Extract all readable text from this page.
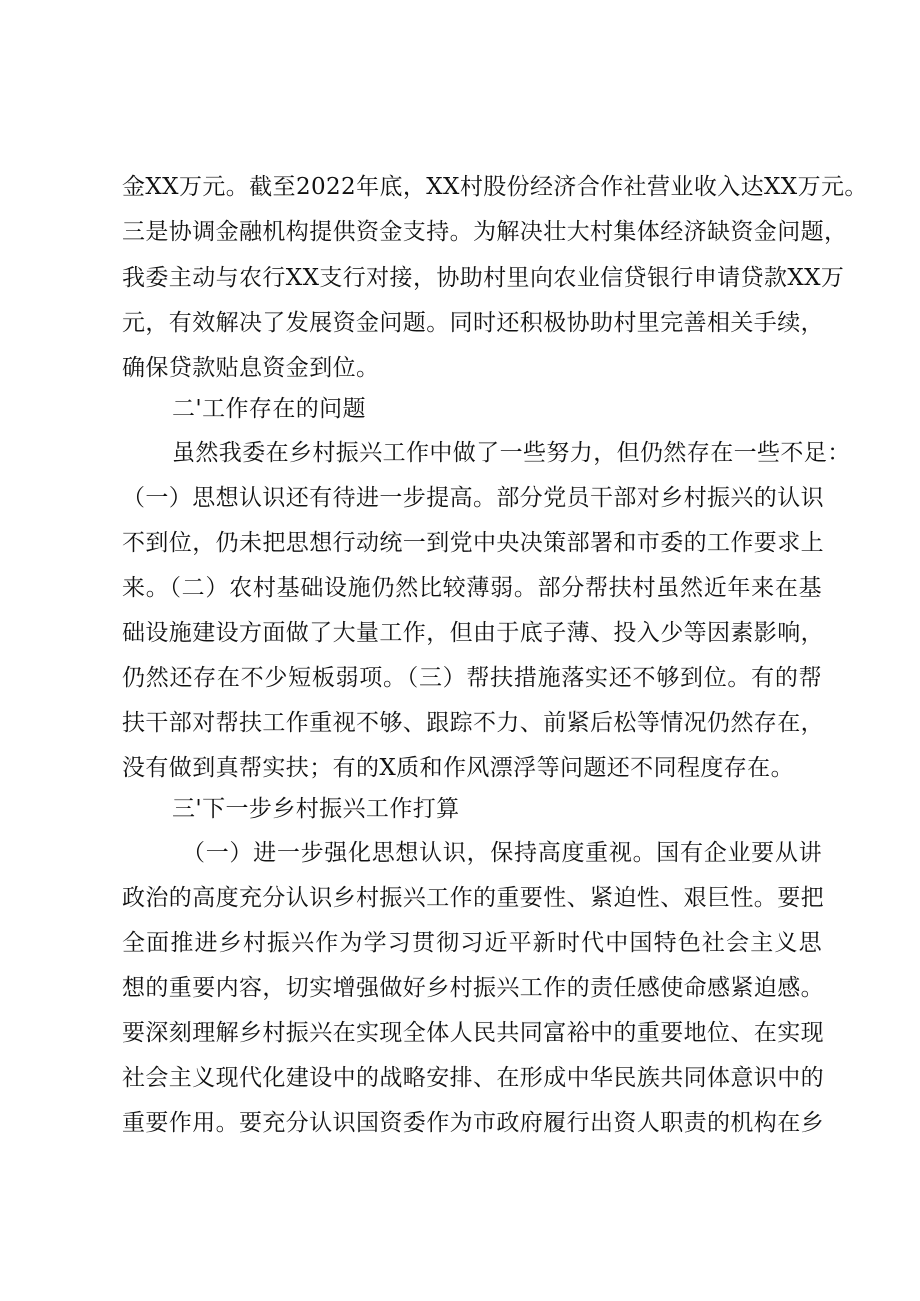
金XX万元。截至2022年底，XX村股份经济合作社营业收入达XX万元。
三是协调金融机构提供资金支持。为解决壮大村集体经济缺资金问题，
我委主动与农行XX支行对接，协助村里向农业信贷银行申请贷款XX万
元，有效解决了发展资金问题。同时还积极协助村里完善相关手续，
确保贷款贴息资金到位。
二'工作存在的问题
虽然我委在乡村振兴工作中做了一些努力，但仍然存在一些不足：
（一）思想认识还有待进一步提高。部分党员干部对乡村振兴的认识
不到位，仍未把思想行动统一到党中央决策部署和市委的工作要求上
来。（二）农村基础设施仍然比较薄弱。部分帮扶村虽然近年来在基
础设施建设方面做了大量工作，但由于底子薄、投入少等因素影响，
仍然还存在不少短板弱项。（三）帮扶措施落实还不够到位。有的帮
扶干部对帮扶工作重视不够、跟踪不力、前紧后松等情况仍然存在，
没有做到真帮实扶；有的X质和作风漂浮等问题还不同程度存在。
三'下一步乡村振兴工作打算
（一）进一步强化思想认识，保持高度重视。国有企业要从讲
政治的高度充分认识乡村振兴工作的重要性、紧迫性、艰巨性。要把
全面推进乡村振兴作为学习贯彻习近平新时代中国特色社会主义思
想的重要内容，切实增强做好乡村振兴工作的责任感使命感紧迫感。
要深刻理解乡村振兴在实现全体人民共同富裕中的重要地位、在实现
社会主义现代化建设中的战略安排、在形成中华民族共同体意识中的
重要作用。要充分认识国资委作为市政府履行出资人职责的机构在乡
